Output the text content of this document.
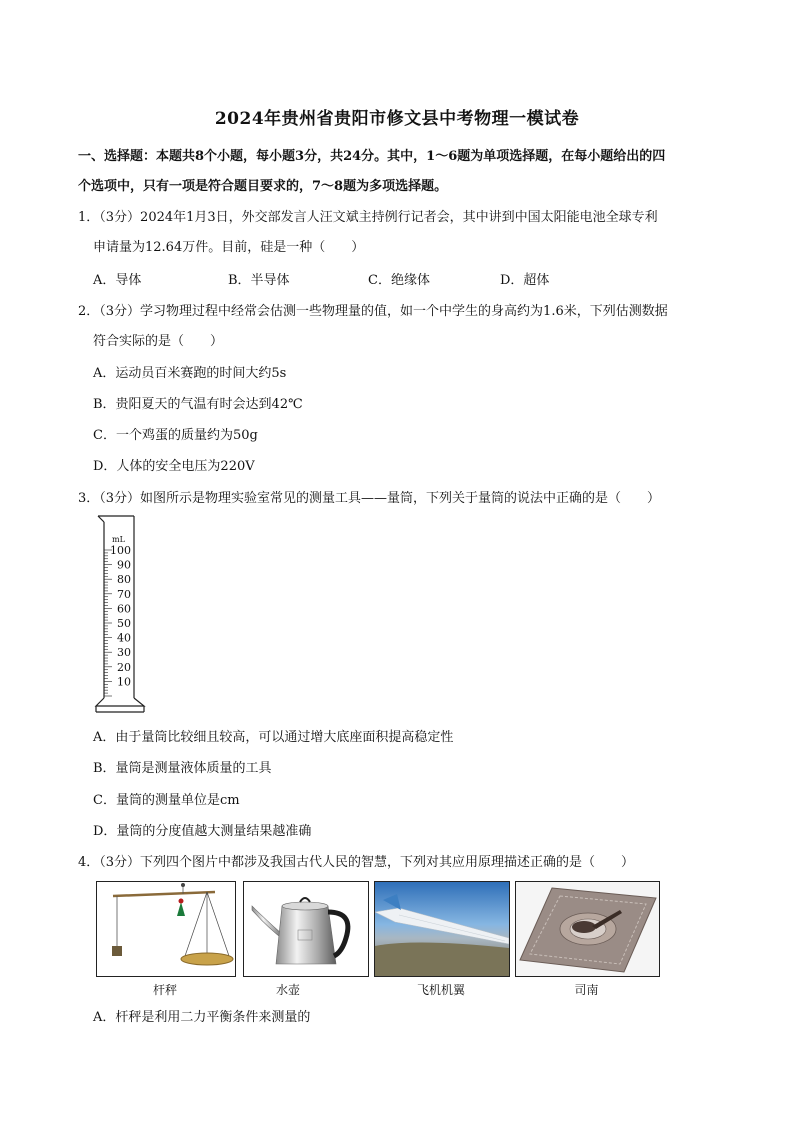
2024年贵州省贵阳市修文县中考物理一模试卷
一、选择题：本题共8个小题，每小题3分，共24分。其中，1～6题为单项选择题，在每小题给出的四
个选项中，只有一项是符合题目要求的，7～8题为多项选择题。
1．（3分）2024年1月3日，外交部发言人汪文斌主持例行记者会，其中讲到中国太阳能电池全球专利
申请量为12.64万件。目前，硅是一种（　　）
A．导体	B．半导体	C．绝缘体	D．超体
2．（3分）学习物理过程中经常会估测一些物理量的值，如一个中学生的身高约为1.6米，下列估测数据
符合实际的是（　　）
A．运动员百米赛跑的时间大约5s
B．贵阳夏天的气温有时会达到42℃
C．一个鸡蛋的质量约为50g
D．人体的安全电压为220V
3．（3分）如图所示是物理实验室常见的测量工具——量筒，下列关于量筒的说法中正确的是（　　）
mL
100
90
80
70
60
50
40
30
20
10
A．由于量筒比较细且较高，可以通过增大底座面积提高稳定性
B．量筒是测量液体质量的工具
C．量筒的测量单位是cm
D．量筒的分度值越大测量结果越准确
4．（3分）下列四个图片中都涉及我国古代人民的智慧，下列对其应用原理描述正确的是（　　）
杆秤	水壶	飞机机翼	司南
A．杆秤是利用二力平衡条件来测量的
